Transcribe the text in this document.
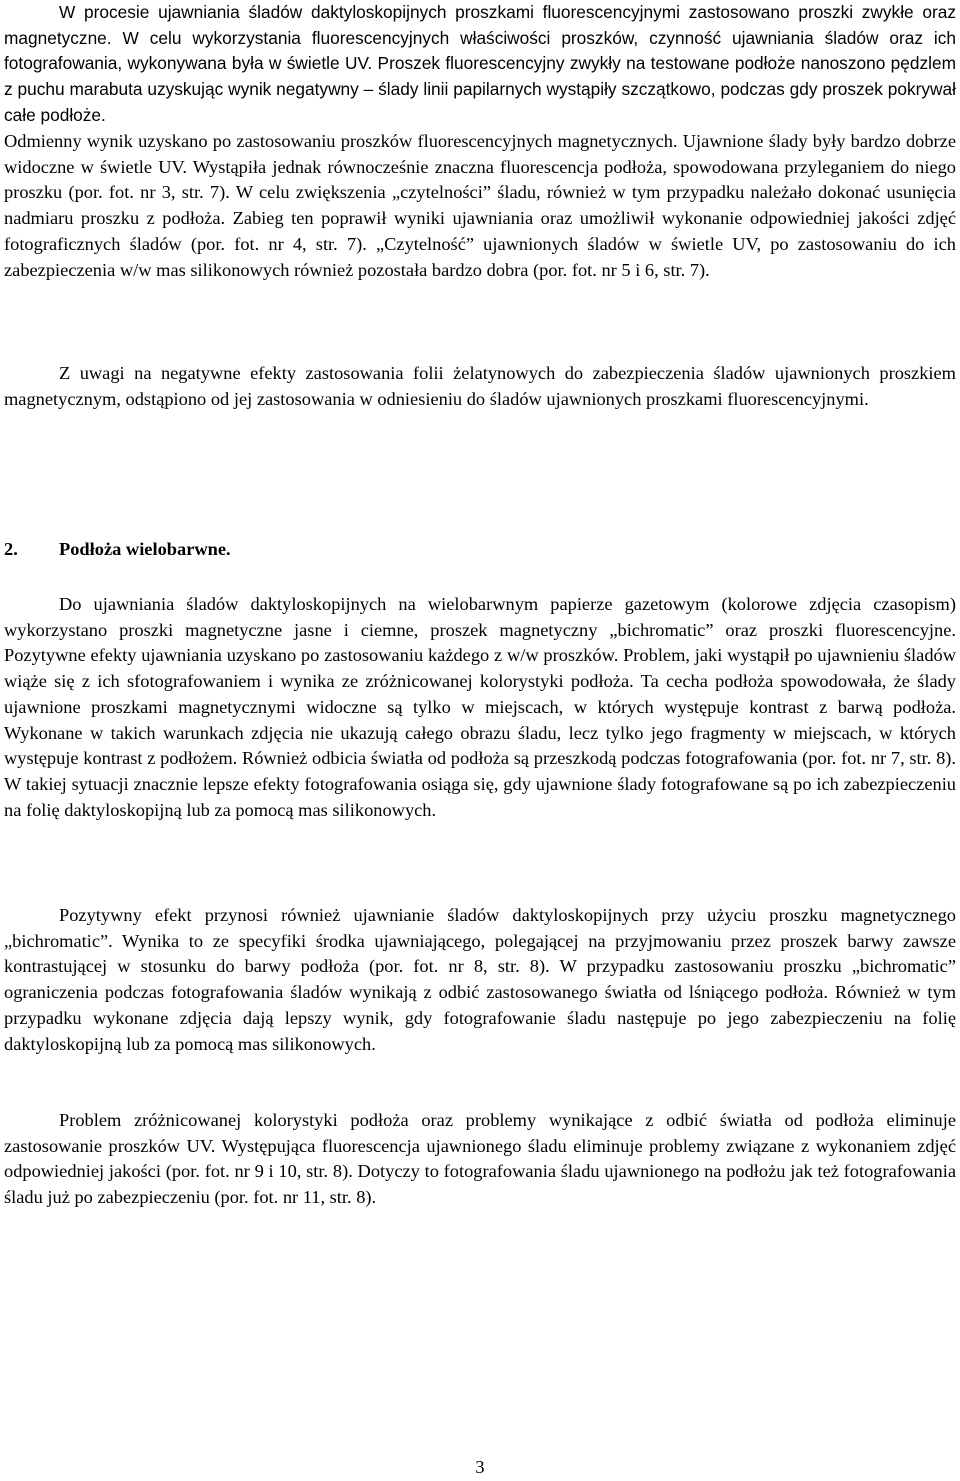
W procesie ujawniania śladów daktyloskopijnych proszkami fluorescencyjnymi zastosowano proszki zwykłe oraz magnetyczne. W celu wykorzystania fluorescencyjnych właściwości proszków, czynność ujawniania śladów oraz ich fotografowania, wykonywana była w świetle UV. Proszek fluorescencyjny zwykły na testowane podłoże nanoszono pędzlem z puchu marabuta uzyskując wynik negatywny – ślady linii papilarnych wystąpiły szczątkowo, podczas gdy proszek pokrywał całe podłoże.

Odmienny wynik uzyskano po zastosowaniu proszków fluorescencyjnych magnetycznych. Ujawnione ślady były bardzo dobrze widoczne w świetle UV. Wystąpiła jednak równocześnie znaczna fluorescencja podłoża, spowodowana przyleganiem do niego proszku (por. fot. nr 3, str. 7). W celu zwiększenia „czytelności” śladu, również w tym przypadku należało dokonać usunięcia nadmiaru proszku z podłoża. Zabieg ten poprawił wyniki ujawniania oraz umożliwił wykonanie odpowiedniej jakości zdjęć fotograficznych śladów (por. fot. nr 4, str. 7). „Czytelność” ujawnionych śladów w świetle UV, po zastosowaniu do ich zabezpieczenia w/w mas silikonowych również pozostała bardzo dobra (por. fot. nr 5 i 6, str. 7).

Z uwagi na negatywne efekty zastosowania folii żelatynowych do zabezpieczenia śladów ujawnionych proszkiem magnetycznym, odstąpiono od jej zastosowania w odniesieniu do śladów ujawnionych proszkami fluorescencyjnymi.

2. Podłoża wielobarwne.

Do ujawniania śladów daktyloskopijnych na wielobarwnym papierze gazetowym (kolorowe zdjęcia czasopism) wykorzystano proszki magnetyczne jasne i ciemne, proszek magnetyczny „bichromatic” oraz proszki fluorescencyjne. Pozytywne efekty ujawniania uzyskano po zastosowaniu każdego z w/w proszków. Problem, jaki wystąpił po ujawnieniu śladów wiąże się z ich sfotografowaniem i wynika ze zróżnicowanej kolorystyki podłoża. Ta cecha podłoża spowodowała, że ślady ujawnione proszkami magnetycznymi widoczne są tylko w miejscach, w których występuje kontrast z barwą podłoża. Wykonane w takich warunkach zdjęcia nie ukazują całego obrazu śladu, lecz tylko jego fragmenty w miejscach, w których występuje kontrast z podłożem. Również odbicia światła od podłoża są przeszkodą podczas fotografowania (por. fot. nr 7, str. 8). W takiej sytuacji znacznie lepsze efekty fotografowania osiąga się, gdy ujawnione ślady fotografowane są po ich zabezpieczeniu na folię daktyloskopijną lub za pomocą mas silikonowych.

Pozytywny efekt przynosi również ujawnianie śladów daktyloskopijnych przy użyciu proszku magnetycznego „bichromatic”. Wynika to ze specyfiki środka ujawniającego, polegającej na przyjmowaniu przez proszek barwy zawsze kontrastującej w stosunku do barwy podłoża (por. fot. nr 8, str. 8). W przypadku zastosowaniu proszku „bichromatic” ograniczenia podczas fotografowania śladów wynikają z odbić zastosowanego światła od lśniącego podłoża. Również w tym przypadku wykonane zdjęcia dają lepszy wynik, gdy fotografowanie śladu następuje po jego zabezpieczeniu na folię daktyloskopijną lub za pomocą mas silikonowych.

Problem zróżnicowanej kolorystyki podłoża oraz problemy wynikające z odbić światła od podłoża eliminuje zastosowanie proszków UV. Występująca fluorescencja ujawnionego śladu eliminuje problemy związane z wykonaniem zdjęć odpowiedniej jakości (por. fot. nr 9 i 10, str. 8). Dotyczy to fotografowania śladu ujawnionego na podłożu jak też fotografowania śladu już po zabezpieczeniu (por. fot. nr 11, str. 8).

3
